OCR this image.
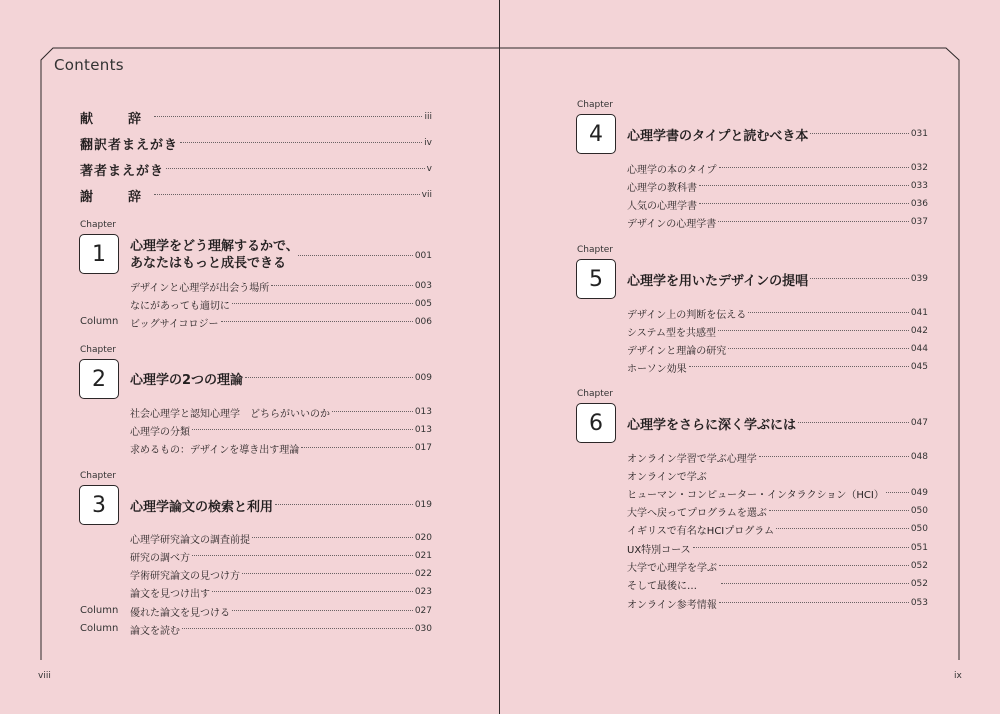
Contents
献　辞	iii
翻訳者まえがき	iv
著者まえがき	v
謝　辞	vii
Chapter
1	心理学をどう理解するかで、
あなたはもっと成長できる	001
デザインと心理学が出会う場所	003
なにがあっても適切に	005
Column ビッグサイコロジー	006
Chapter
2	心理学の2つの理論	009
社会心理学と認知心理学　どちらがいいのか	013
心理学の分類	013
求めるもの：デザインを導き出す理論	017
Chapter
3	心理学論文の検索と利用	019
心理学研究論文の調査前提	020
研究の調べ方	021
学術研究論文の見つけ方	022
論文を見つけ出す	023
Column 優れた論文を見つける	027
Column 論文を読む	030
viii
Chapter
4	心理学書のタイプと読むべき本	031
心理学の本のタイプ	032
心理学の教科書	033
人気の心理学書	036
デザインの心理学書	037
Chapter
5	心理学を用いたデザインの提唱	039
デザイン上の判断を伝える	041
システム型を共感型	042
デザインと理論の研究	044
ホーソン効果	045
Chapter
6	心理学をさらに深く学ぶには	047
オンライン学習で学ぶ心理学	048
オンラインで学ぶ
ヒューマン・コンピューター・インタラクション（HCI）	049
大学へ戻ってプログラムを選ぶ	050
イギリスで有名なHCIプログラム	050
UX特別コース	051
大学で心理学を学ぶ	052
そして最後に…	052
オンライン参考情報	053
ix
